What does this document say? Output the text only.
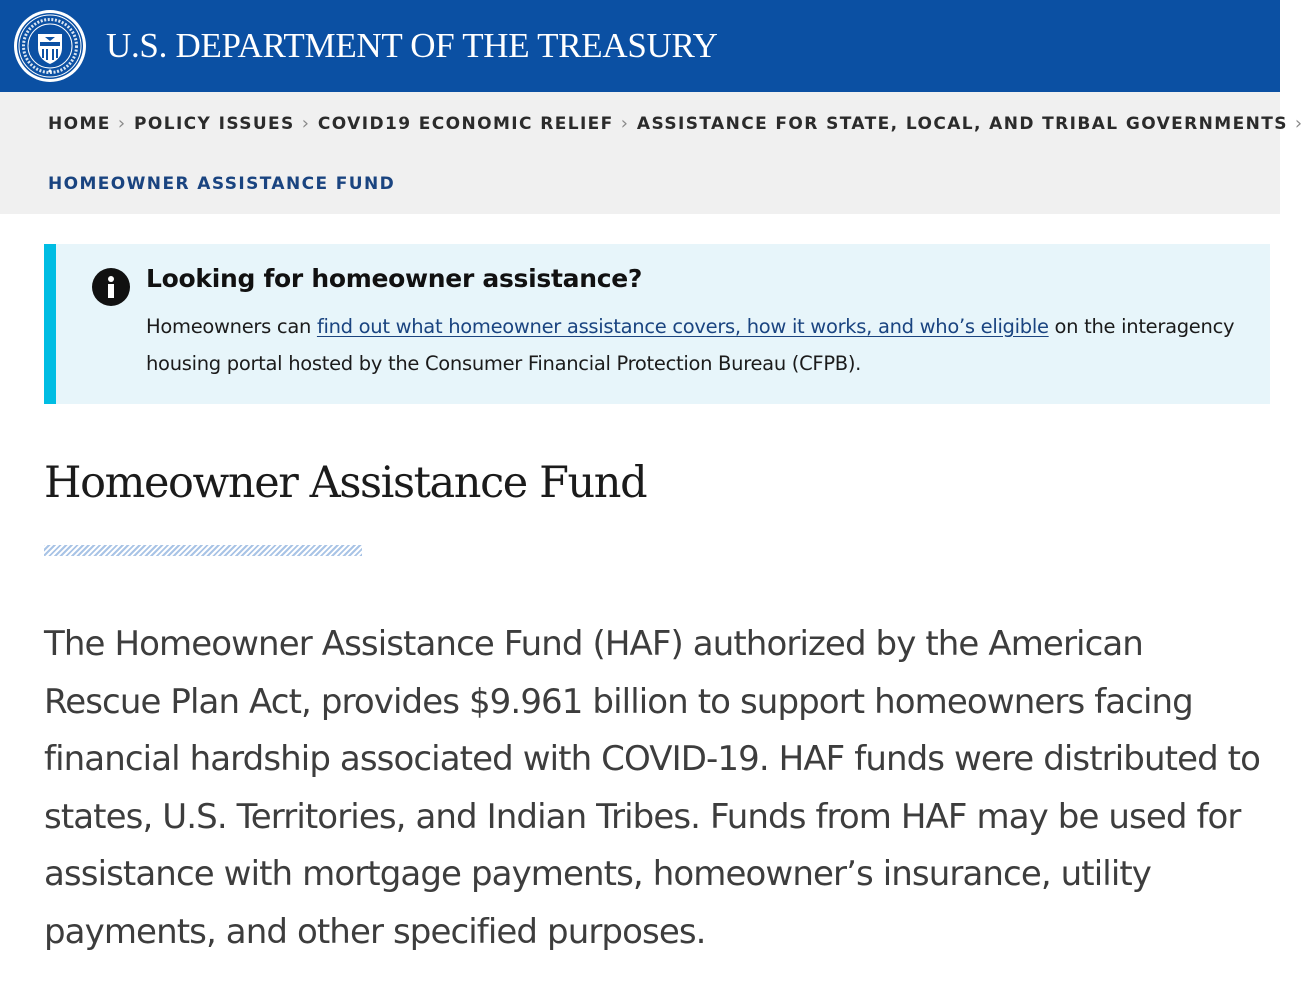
U.S. DEPARTMENT OF THE TREASURY
HOME › POLICY ISSUES › COVID19 ECONOMIC RELIEF › ASSISTANCE FOR STATE, LOCAL, AND TRIBAL GOVERNMENTS ›
HOMEOWNER ASSISTANCE FUND
Looking for homeowner assistance?

Homeowners can find out what homeowner assistance covers, how it works, and who’s eligible on the interagency housing portal hosted by the Consumer Financial Protection Bureau (CFPB).

Homeowner Assistance Fund

The Homeowner Assistance Fund (HAF) authorized by the American Rescue Plan Act, provides $9.961 billion to support homeowners facing financial hardship associated with COVID-19. HAF funds were distributed to states, U.S. Territories, and Indian Tribes. Funds from HAF may be used for assistance with mortgage payments, homeowner’s insurance, utility payments, and other specified purposes.
